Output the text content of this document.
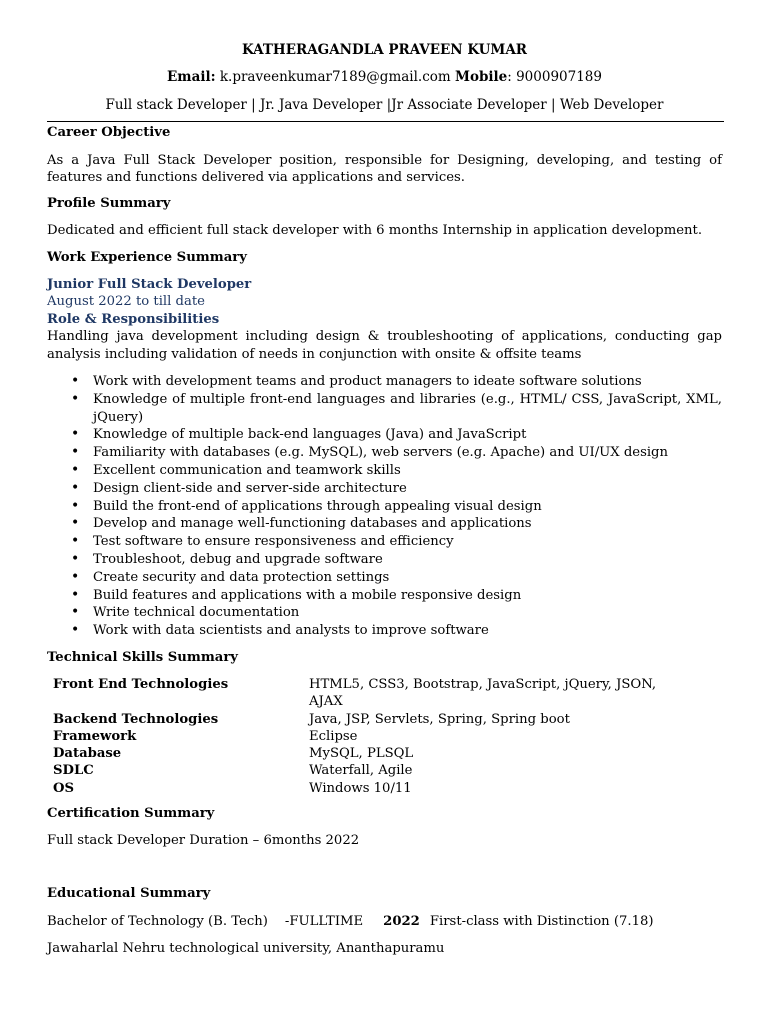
KATHERAGANDLA PRAVEEN KUMAR
Email: k.praveenkumar7189@gmail.com Mobile: 9000907189
Full stack Developer | Jr. Java Developer |Jr Associate Developer | Web Developer
Career Objective
As a Java Full Stack Developer position, responsible for Designing, developing, and testing of features and functions delivered via applications and services.
Profile Summary
Dedicated and efficient full stack developer with 6 months Internship in application development.
Work Experience Summary
Junior Full Stack Developer
August 2022 to till date
Role & Responsibilities
Handling java development including design & troubleshooting of applications, conducting gap analysis including validation of needs in conjunction with onsite & offsite teams
• Work with development teams and product managers to ideate software solutions
• Knowledge of multiple front-end languages and libraries (e.g., HTML/ CSS, JavaScript, XML, jQuery)
• Knowledge of multiple back-end languages (Java) and JavaScript
• Familiarity with databases (e.g. MySQL), web servers (e.g. Apache) and UI/UX design
• Excellent communication and teamwork skills
• Design client-side and server-side architecture
• Build the front-end of applications through appealing visual design
• Develop and manage well-functioning databases and applications
• Test software to ensure responsiveness and efficiency
• Troubleshoot, debug and upgrade software
• Create security and data protection settings
• Build features and applications with a mobile responsive design
• Write technical documentation
• Work with data scientists and analysts to improve software
Technical Skills Summary
Front End Technologies	HTML5, CSS3, Bootstrap, JavaScript, jQuery, JSON, AJAX
Backend Technologies	Java, JSP, Servlets, Spring, Spring boot
Framework	Eclipse
Database	MySQL, PLSQL
SDLC	Waterfall, Agile
OS	Windows 10/11
Certification Summary
Full stack Developer Duration – 6months 2022
Educational Summary
Bachelor of Technology (B. Tech) -FULLTIME 2022 First-class with Distinction (7.18)
Jawaharlal Nehru technological university, Ananthapuramu
